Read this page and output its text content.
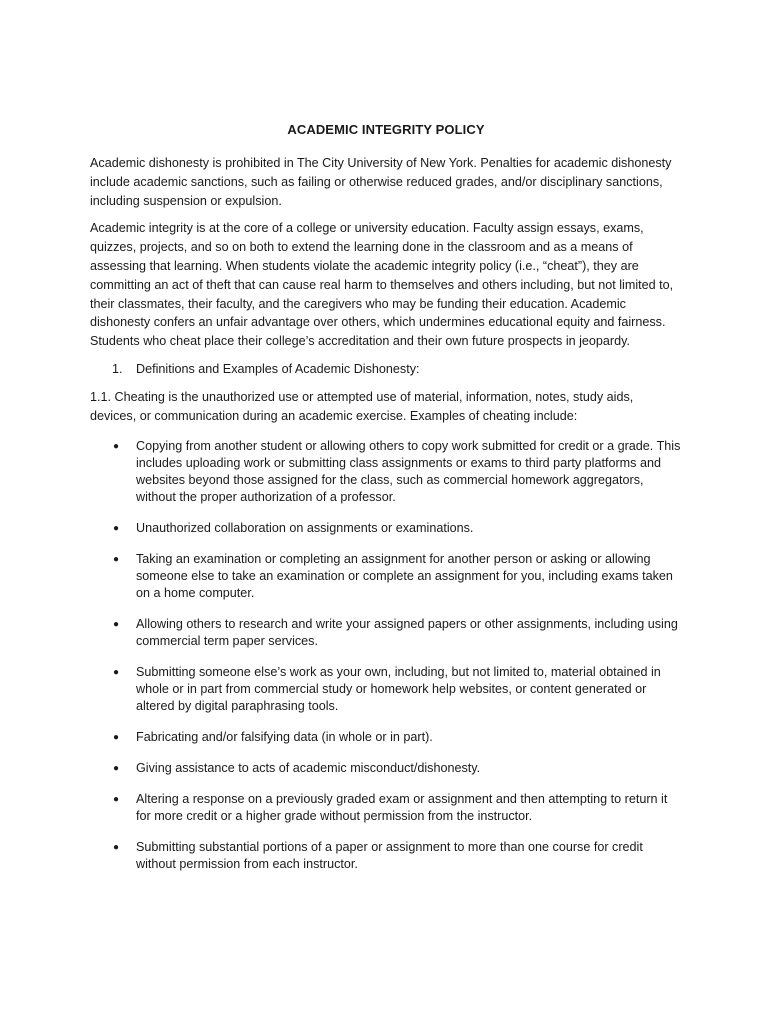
ACADEMIC INTEGRITY POLICY

Academic dishonesty is prohibited in The City University of New York. Penalties for academic dishonesty include academic sanctions, such as failing or otherwise reduced grades, and/or disciplinary sanctions, including suspension or expulsion.

Academic integrity is at the core of a college or university education. Faculty assign essays, exams, quizzes, projects, and so on both to extend the learning done in the classroom and as a means of assessing that learning. When students violate the academic integrity policy (i.e., “cheat”), they are committing an act of theft that can cause real harm to themselves and others including, but not limited to, their classmates, their faculty, and the caregivers who may be funding their education. Academic dishonesty confers an unfair advantage over others, which undermines educational equity and fairness. Students who cheat place their college’s accreditation and their own future prospects in jeopardy.

1.	Definitions and Examples of Academic Dishonesty:

1.1. Cheating is the unauthorized use or attempted use of material, information, notes, study aids, devices, or communication during an academic exercise. Examples of cheating include:

●	Copying from another student or allowing others to copy work submitted for credit or a grade. This includes uploading work or submitting class assignments or exams to third party platforms and websites beyond those assigned for the class, such as commercial homework aggregators, without the proper authorization of a professor.
●	Unauthorized collaboration on assignments or examinations.
●	Taking an examination or completing an assignment for another person or asking or allowing someone else to take an examination or complete an assignment for you, including exams taken on a home computer.
●	Allowing others to research and write your assigned papers or other assignments, including using commercial term paper services.
●	Submitting someone else’s work as your own, including, but not limited to, material obtained in whole or in part from commercial study or homework help websites, or content generated or altered by digital paraphrasing tools.
●	Fabricating and/or falsifying data (in whole or in part).
●	Giving assistance to acts of academic misconduct/dishonesty.
●	Altering a response on a previously graded exam or assignment and then attempting to return it for more credit or a higher grade without permission from the instructor.
●	Submitting substantial portions of a paper or assignment to more than one course for credit without permission from each instructor.
